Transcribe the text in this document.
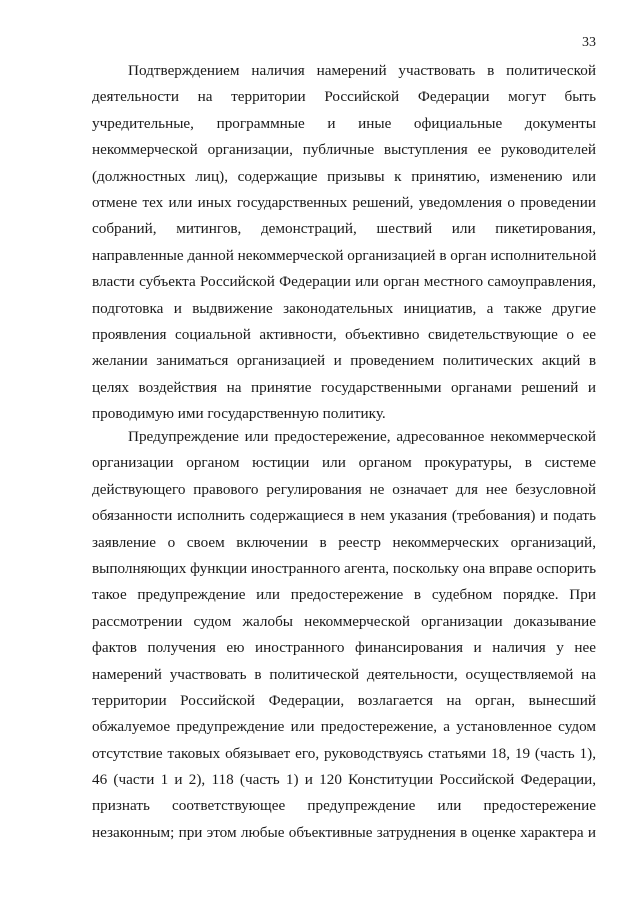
33
Подтверждением наличия намерений участвовать в политической
деятельности на территории Российской Федерации могут быть
учредительные, программные и иные официальные документы
некоммерческой организации, публичные выступления ее руководителей
(должностных лиц), содержащие призывы к принятию, изменению или
отмене тех или иных государственных решений, уведомления о проведении
собраний, митингов, демонстраций, шествий или пикетирования,
направленные данной некоммерческой организацией в орган исполнительной
власти субъекта Российской Федерации или орган местного самоуправления,
подготовка и выдвижение законодательных инициатив, а также другие
проявления социальной активности, объективно свидетельствующие о ее
желании заниматься организацией и проведением политических акций в
целях воздействия на принятие государственными органами решений и
проводимую ими государственную политику.
Предупреждение или предостережение, адресованное некоммерческой
организации органом юстиции или органом прокуратуры, в системе
действующего правового регулирования не означает для нее безусловной
обязанности исполнить содержащиеся в нем указания (требования) и подать
заявление о своем включении в реестр некоммерческих организаций,
выполняющих функции иностранного агента, поскольку она вправе оспорить
такое предупреждение или предостережение в судебном порядке. При
рассмотрении судом жалобы некоммерческой организации доказывание
фактов получения ею иностранного финансирования и наличия у нее
намерений участвовать в политической деятельности, осуществляемой на
территории Российской Федерации, возлагается на орган, вынесший
обжалуемое предупреждение или предостережение, а установленное судом
отсутствие таковых обязывает его, руководствуясь статьями 18, 19 (часть 1),
46 (части 1 и 2), 118 (часть 1) и 120 Конституции Российской Федерации,
признать соответствующее предупреждение или предостережение
незаконным; при этом любые объективные затруднения в оценке характера и
